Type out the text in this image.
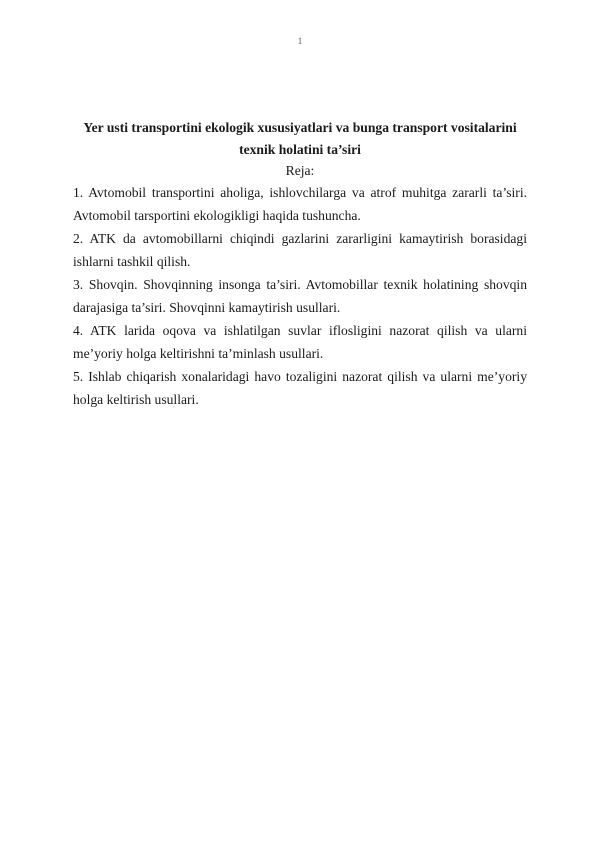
1
Yer usti transportini ekologik xususiyatlari va bunga transport vositalarini texnik holatini ta’siri

Reja:

1. Avtomobil transportini aholiga, ishlovchilarga va atrof muhitga zararli ta’siri. Avtomobil tarsportini ekologikligi haqida tushuncha.
2. ATK da avtomobillarni chiqindi gazlarini zararligini kamaytirish borasidagi ishlarni tashkil qilish.
3. Shovqin. Shovqinning insonga ta’siri. Avtomobillar texnik holatining shovqin darajasiga ta’siri. Shovqinni kamaytirish usullari.
4. ATK larida oqova va ishlatilgan suvlar iflosligini nazorat qilish va ularni me’yoriy holga keltirishni ta’minlash usullari.
5. Ishlab chiqarish xonalaridagi havo tozaligini nazorat qilish va ularni me’yoriy holga keltirish usullari.
